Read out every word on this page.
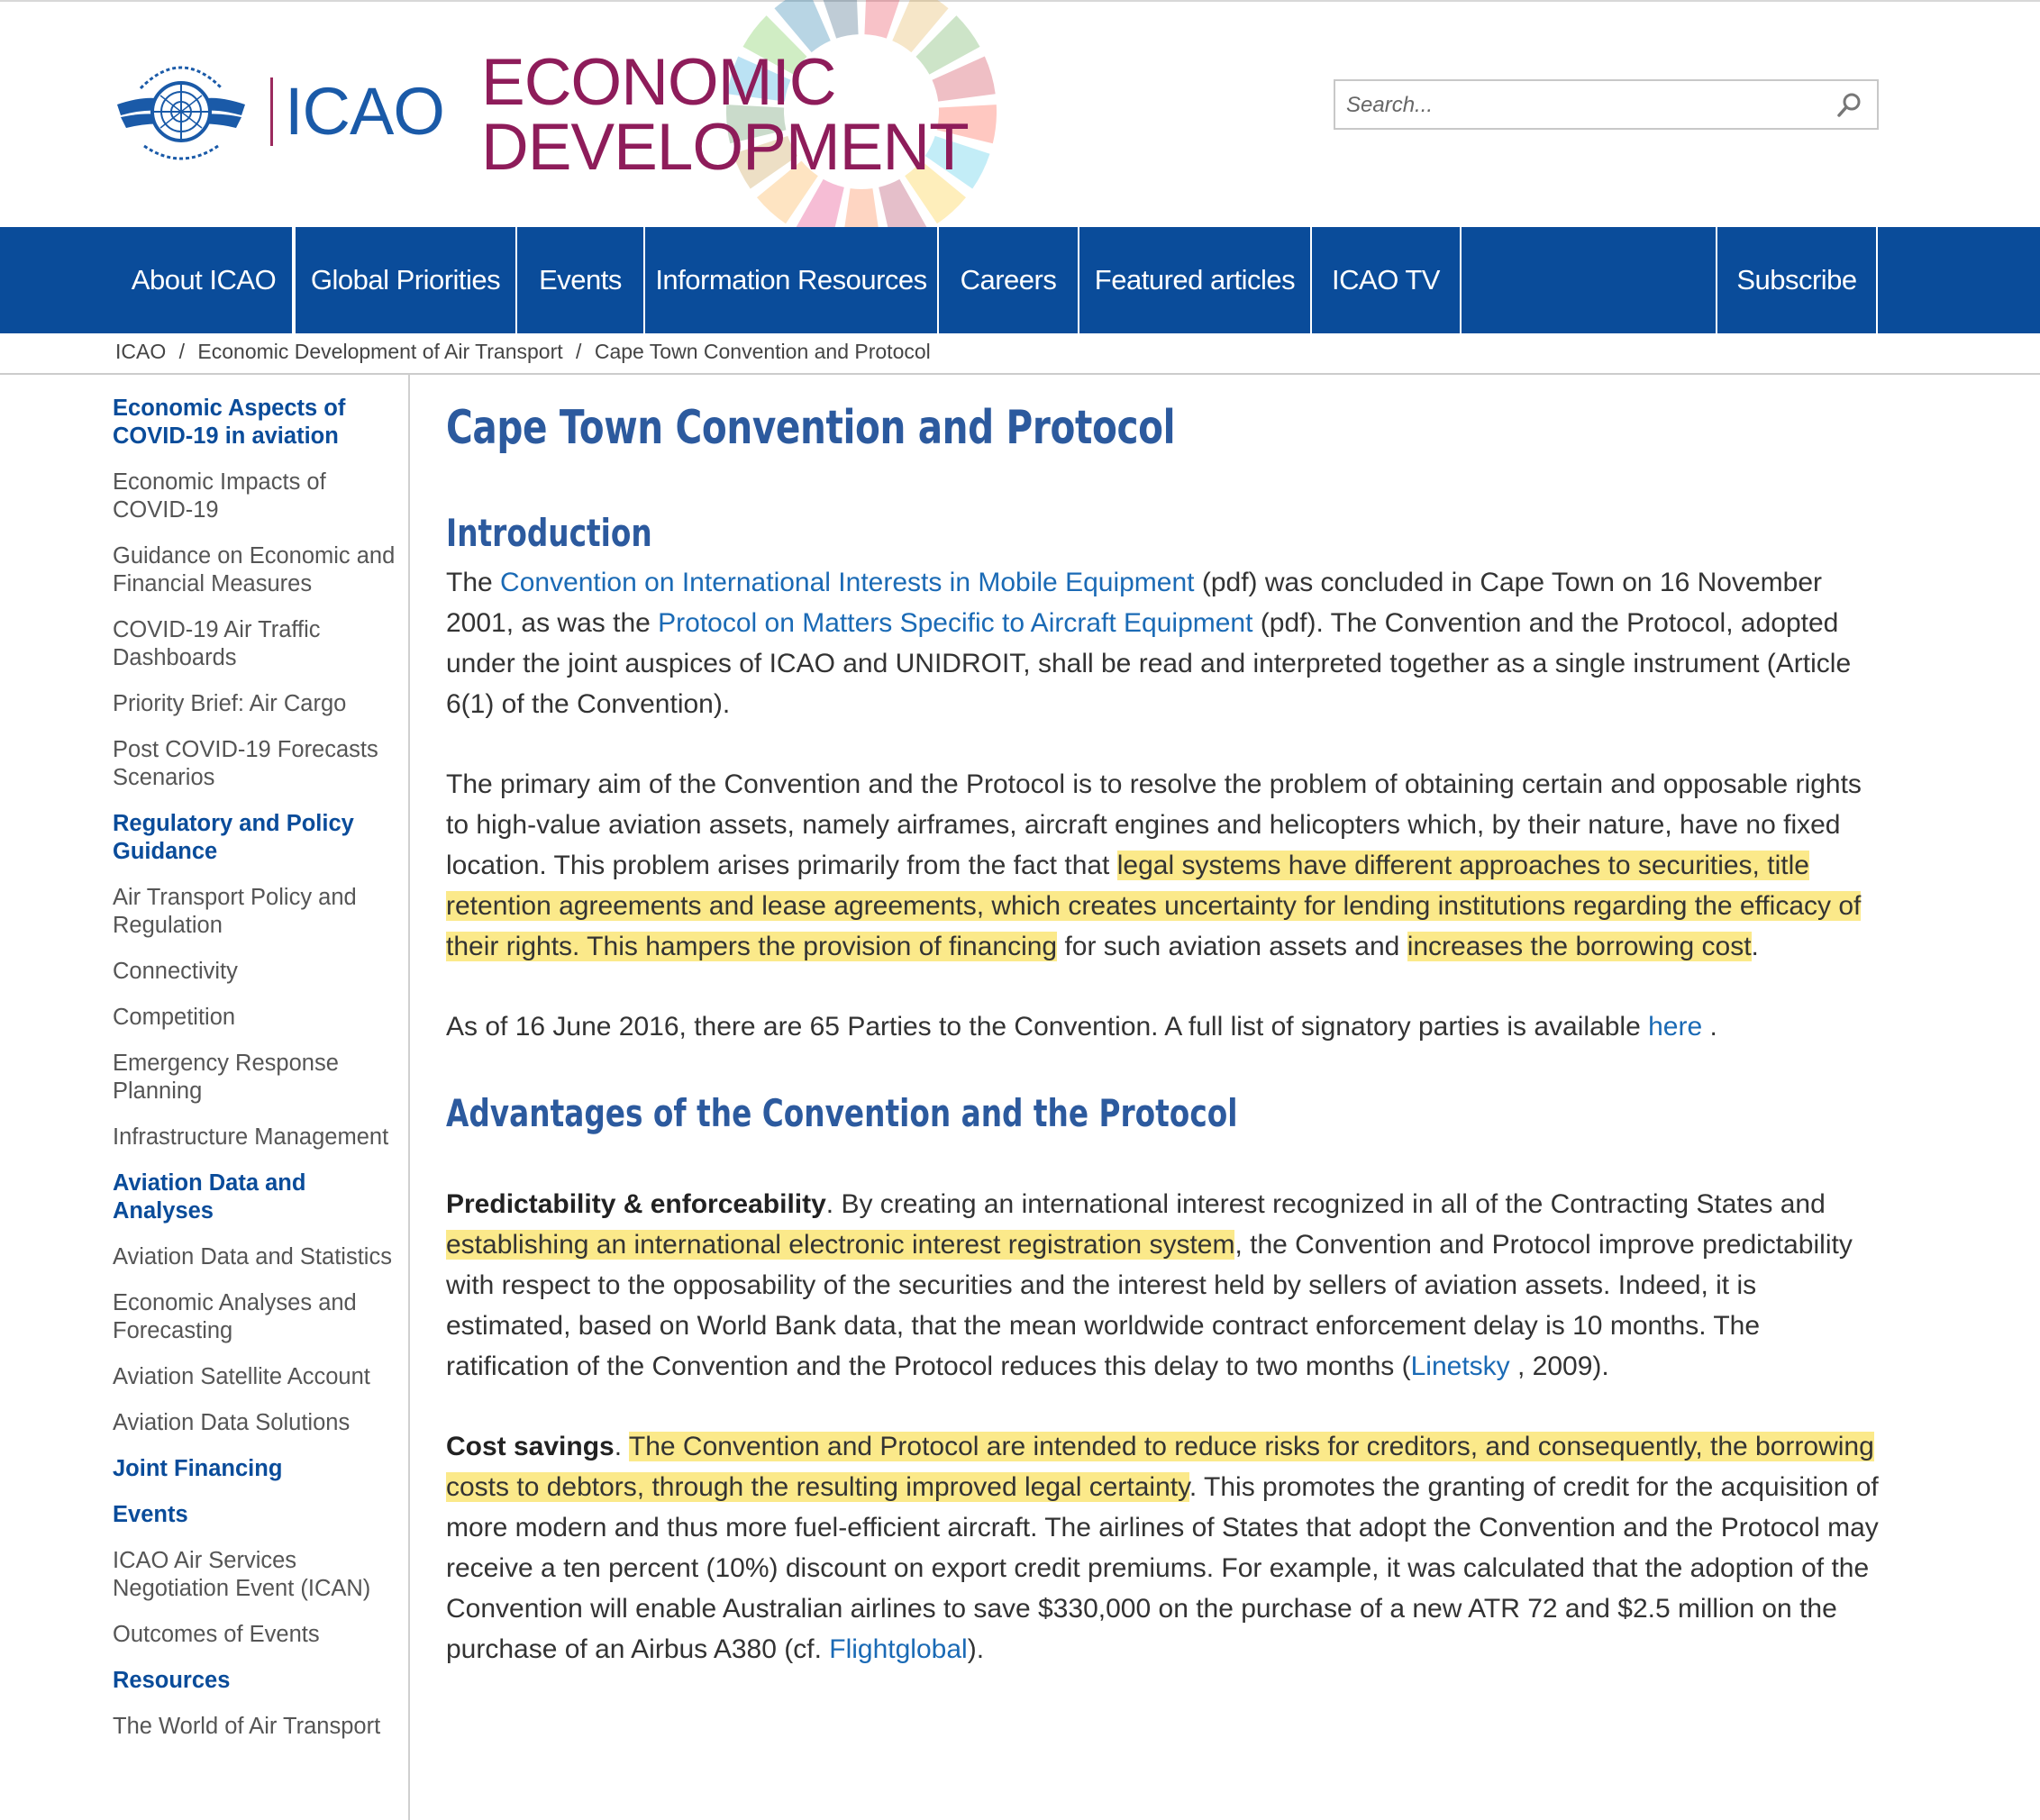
ICAO ECONOMIC
DEVELOPMENT
Search...
About ICAO	Global Priorities	Events	Information Resources	Careers	Featured articles	ICAO TV	Subscribe
ICAO / Economic Development of Air Transport / Cape Town Convention and Protocol
Economic Aspects of COVID-19 in aviation
Economic Impacts of COVID-19
Guidance on Economic and Financial Measures
COVID-19 Air Traffic Dashboards
Priority Brief: Air Cargo
Post COVID-19 Forecasts Scenarios
Regulatory and Policy Guidance
Air Transport Policy and Regulation
Connectivity
Competition
Emergency Response Planning
Infrastructure Management
Aviation Data and Analyses
Aviation Data and Statistics
Economic Analyses and Forecasting
Aviation Satellite Account
Aviation Data Solutions
Joint Financing
Events
ICAO Air Services Negotiation Event (ICAN)
Outcomes of Events
Resources
The World of Air Transport
Cape Town Convention and Protocol
Introduction

The Convention on International Interests in Mobile Equipment (pdf) was concluded in Cape Town on 16 November 2001, as was the Protocol on Matters Specific to Aircraft Equipment (pdf). The Convention and the Protocol, adopted under the joint auspices of ICAO and UNIDROIT, shall be read and interpreted together as a single instrument (Article 6(1) of the Convention).

The primary aim of the Convention and the Protocol is to resolve the problem of obtaining certain and opposable rights to high-value aviation assets, namely airframes, aircraft engines and helicopters which, by their nature, have no fixed location. This problem arises primarily from the fact that legal systems have different approaches to securities, title retention agreements and lease agreements, which creates uncertainty for lending institutions regarding the efficacy of their rights. This hampers the provision of financing for such aviation assets and increases the borrowing cost.

As of 16 June 2016, there are 65 Parties to the Convention. A full list of signatory parties is available here .

Advantages of the Convention and the Protocol

Predictability & enforceability. By creating an international interest recognized in all of the Contracting States and establishing an international electronic interest registration system, the Convention and Protocol improve predictability with respect to the opposability of the securities and the interest held by sellers of aviation assets. Indeed, it is estimated, based on World Bank data, that the mean worldwide contract enforcement delay is 10 months. The ratification of the Convention and the Protocol reduces this delay to two months (Linetsky , 2009).

Cost savings. The Convention and Protocol are intended to reduce risks for creditors, and consequently, the borrowing costs to debtors, through the resulting improved legal certainty. This promotes the granting of credit for the acquisition of more modern and thus more fuel-efficient aircraft. The airlines of States that adopt the Convention and the Protocol may receive a ten percent (10%) discount on export credit premiums. For example, it was calculated that the adoption of the Convention will enable Australian airlines to save $330,000 on the purchase of a new ATR 72 and $2.5 million on the purchase of an Airbus A380 (cf. Flightglobal).
